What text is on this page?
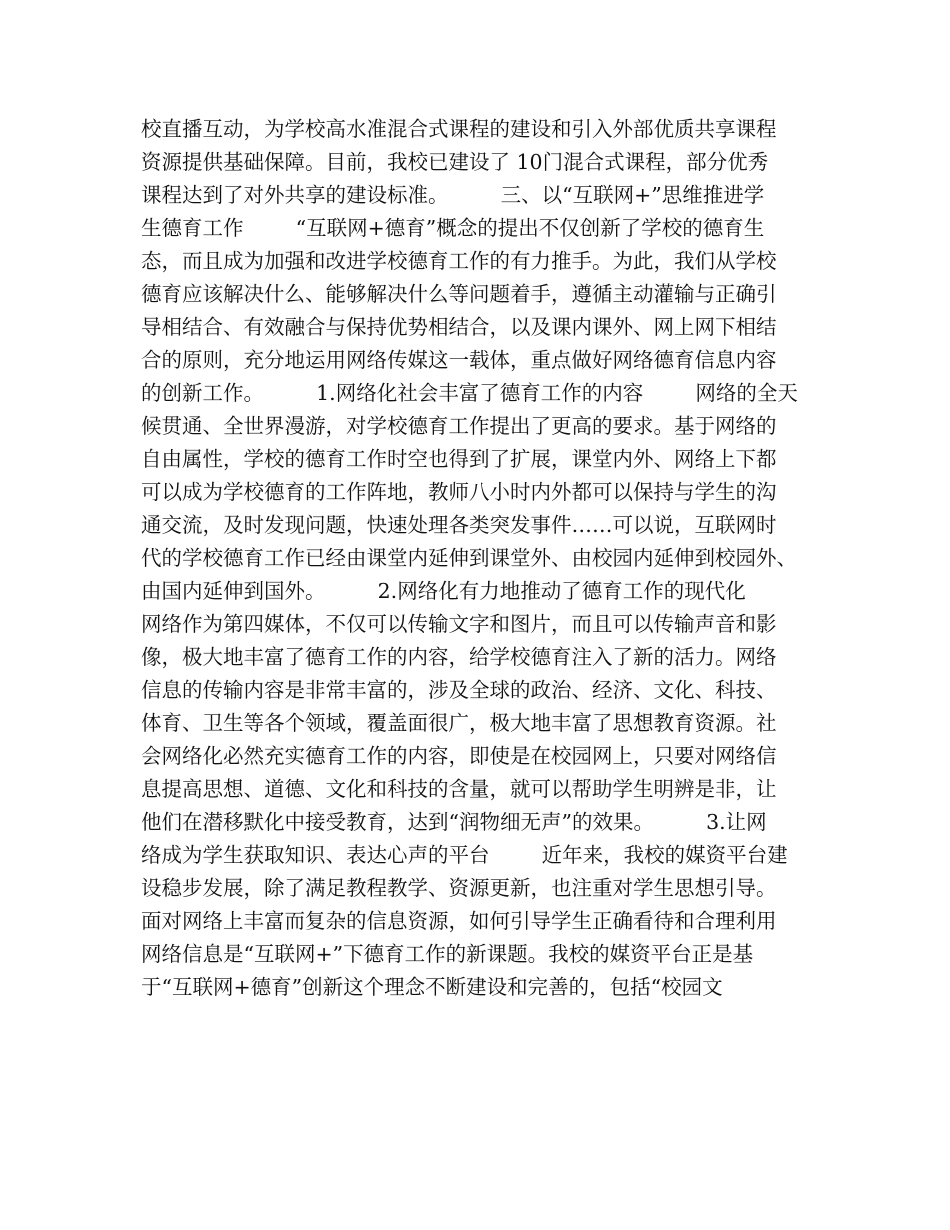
校直播互动，为学校高水准混合式课程的建设和引入外部优质共享课程
资源提供基础保障。目前，我校已建设了 10门混合式课程，部分优秀
课程达到了对外共享的建设标准。        三、以“互联网+”思维推进学
生德育工作        “互联网+德育”概念的提出不仅创新了学校的德育生
态，而且成为加强和改进学校德育工作的有力推手。为此，我们从学校
德育应该解决什么、能够解决什么等问题着手，遵循主动灌输与正确引
导相结合、有效融合与保持优势相结合，以及课内课外、网上网下相结
合的原则，充分地运用网络传媒这一载体，重点做好网络德育信息内容
的创新工作。        1.网络化社会丰富了德育工作的内容        网络的全天
候贯通、全世界漫游，对学校德育工作提出了更高的要求。基于网络的
自由属性，学校的德育工作时空也得到了扩展，课堂内外、网络上下都
可以成为学校德育的工作阵地，教师八小时内外都可以保持与学生的沟
通交流，及时发现问题，快速处理各类突发事件……可以说，互联网时
代的学校德育工作已经由课堂内延伸到课堂外、由校园内延伸到校园外、
由国内延伸到国外。        2.网络化有力地推动了德育工作的现代化
网络作为第四媒体，不仅可以传输文字和图片，而且可以传输声音和影
像，极大地丰富了德育工作的内容，给学校德育注入了新的活力。网络
信息的传输内容是非常丰富的，涉及全球的政治、经济、文化、科技、
体育、卫生等各个领域，覆盖面很广，极大地丰富了思想教育资源。社
会网络化必然充实德育工作的内容，即使是在校园网上，只要对网络信
息提高思想、道德、文化和科技的含量，就可以帮助学生明辨是非，让
他们在潜移默化中接受教育，达到“润物细无声”的效果。        3.让网
络成为学生获取知识、表达心声的平台        近年来，我校的媒资平台建
设稳步发展，除了满足教程教学、资源更新，也注重对学生思想引导。
面对网络上丰富而复杂的信息资源，如何引导学生正确看待和合理利用
网络信息是“互联网+”下德育工作的新课题。我校的媒资平台正是基
于“互联网+德育”创新这个理念不断建设和完善的，包括“校园文
